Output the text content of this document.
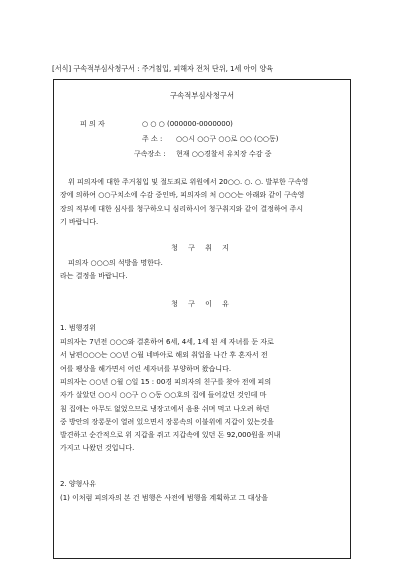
[서식] 구속적부심사청구서 : 주거침입, 피해자 전처 단위, 1세 아이 양육
구속적부심사청구서
피 의 자	○ ○ ○ (000000-0000000)
주 소 : ○○시 ○○구 ○○로 ○○ (○○동)
구속장소 : 현재 ○○경찰서 유치장 수감 중
위 피의자에 대한 주거침입 및 절도죄로 위원에서 20○○. ○. ○. 발부한 구속영
장에 의하여 ○○구치소에 수감 중인바, 피의자의 처 ○○○는 아래와 같이 구속영
장의 적부에 대한 심사를 청구하오니 심리하시어 청구취지와 같이 결정하여 주시
기 바랍니다.
청 구 취 지
피의자 ○○○의 석방을 명한다.
라는 결정을 바랍니다.
청 구 이 유
1. 범행경위
피의자는 7년전 ○○○와 결혼하여 6세, 4세, 1세 된 세 자녀를 둔 자로
서 남편○○○는 ○○년 ○월 네바아로 해외 취업을 나간 후 혼자서 전
여를 팽상을 해가면서 어린 세자녀를 부양하며 왔습니다.
피의자는 ○○년 ○월 ○일 15 : 00경 피의자의 친구를 찾아 전에 피의
자가 살았던 ○○시 ○○구 ○ ○동 ○○호의 집에 들어갔던 것인데 마
침 집에는 아무도 없었으므로 냉장고에서 음용 쉬며 먹고 나오려 하던
중 방안의 장롱문이 열려 있으면서 장롱속의 이불위에 지갑이 있는것을
발견하고 순간적으로 위 지갑을 쥐고 지갑속에 있던 돈 92,000원을 꺼내
가지고 나왔던 것입니다.
2. 양형사유
(1) 이처럼 피의자의 본 건 범행은 사전에 범행을 계획하고 그 대상을
